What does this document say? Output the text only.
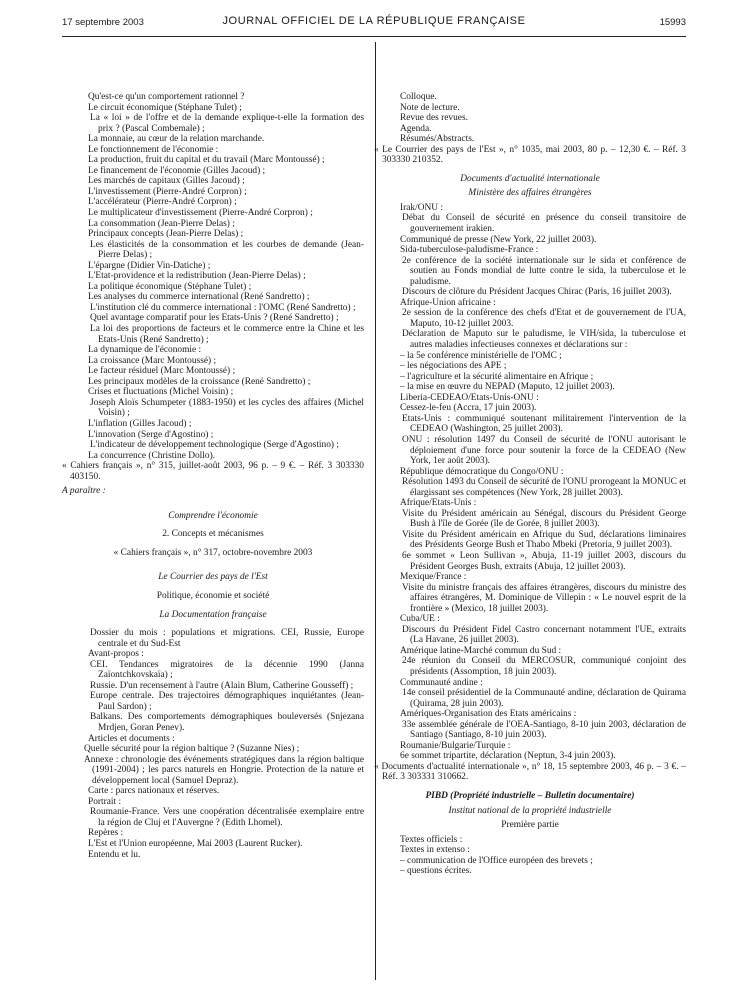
17 septembre 2003	JOURNAL OFFICIEL DE LA RÉPUBLIQUE FRANÇAISE	15993

Qu'est-ce qu'un comportement rationnel ?

Le circuit économique (Stéphane Tulet) ;

La « loi » de l'offre et de la demande explique-t-elle la formation des prix ? (Pascal Combemale) ;

La monnaie, au cœur de la relation marchande.

Le fonctionnement de l'économie :

La production, fruit du capital et du travail (Marc Montoussé) ;

Le financement de l'économie (Gilles Jacoud) ;

Les marchés de capitaux (Gilles Jacoud) ;

L'investissement (Pierre-André Corpron) ;

L'accélérateur (Pierre-André Corpron) ;

Le multiplicateur d'investissement (Pierre-André Corpron) ;

La consommation (Jean-Pierre Delas) ;

Principaux concepts (Jean-Pierre Delas) ;

Les élasticités de la consommation et les courbes de demande (Jean-Pierre Delas) ;

L'épargne (Didier Vin-Datiche) ;

L'Etat-providence et la redistribution (Jean-Pierre Delas) ;

La politique économique (Stéphane Tulet) ;

Les analyses du commerce international (René Sandretto) ;

L'institution clé du commerce international : l'OMC (René Sandretto) ;

Quel avantage comparatif pour les Etats-Unis ? (René Sandretto) ;

La loi des proportions de facteurs et le commerce entre la Chine et les Etats-Unis (René Sandretto) ;

La dynamique de l'économie :

La croissance (Marc Montoussé) ;

Le facteur résiduel (Marc Montoussé) ;

Les principaux modèles de la croissance (René Sandretto) ;

Crises et fluctuations (Michel Voisin) ;

Joseph Aloïs Schumpeter (1883-1950) et les cycles des affaires (Michel Voisin) ;

L'inflation (Gilles Jacoud) ;

L'innovation (Serge d'Agostino) ;

L'indicateur de développement technologique (Serge d'Agostino) ;

La concurrence (Christine Dollo).

« Cahiers français », n° 315, juillet-août 2003, 96 p. – 9 €. – Réf. 3 303330 403150.

A paraître :

Comprendre l'économie

2. Concepts et mécanismes

« Cahiers français », n° 317, octobre-novembre 2003

Le Courrier des pays de l'Est

Politique, économie et société

La Documentation française

Dossier du mois : populations et migrations. CEI, Russie, Europe centrale et du Sud-Est

Avant-propos :

CEI. Tendances migratoires de la décennie 1990 (Janna Zaïontchkovskaïa) ;

Russie. D'un recensement à l'autre (Alain Blum, Catherine Gousseff) ;

Europe centrale. Des trajectoires démographiques inquiétantes (Jean-Paul Sardon) ;

Balkans. Des comportements démographiques bouleversés (Snjezana Mrdjen, Goran Penev).

Articles et documents :

Quelle sécurité pour la région baltique ? (Suzanne Nies) ;

Annexe : chronologie des événements stratégiques dans la région baltique (1991-2004) ; les parcs naturels en Hongrie. Protection de la nature et développement local (Samuel Depraz).

Carte : parcs nationaux et réserves.

Portrait :

Roumanie-France. Vers une coopération décentralisée exemplaire entre la région de Cluj et l'Auvergne ? (Edith Lhomel).

Repères :

L'Est et l'Union européenne, Mai 2003 (Laurent Rucker).

Entendu et lu.

Colloque.

Note de lecture.

Revue des revues.

Agenda.

Résumés/Abstracts.

« Le Courrier des pays de l'Est », n° 1035, mai 2003, 80 p. – 12,30 €. – Réf. 3 303330 210352.

Documents d'actualité internationale

Ministère des affaires étrangères

Irak/ONU :

Débat du Conseil de sécurité en présence du conseil transitoire de gouvernement irakien.

Communiqué de presse (New York, 22 juillet 2003).

Sida-tuberculose-paludisme-France :

2e conférence de la société internationale sur le sida et conférence de soutien au Fonds mondial de lutte contre le sida, la tuberculose et le paludisme.

Discours de clôture du Président Jacques Chirac (Paris, 16 juillet 2003).

Afrique-Union africaine :

2e session de la conférence des chefs d'Etat et de gouvernement de l'UA, Maputo, 10-12 juillet 2003.

Déclaration de Maputo sur le paludisme, le VIH/sida, la tuberculose et autres maladies infectieuses connexes et déclarations sur :

– la 5e conférence ministérielle de l'OMC ;

– les négociations des APE ;

– l'agriculture et la sécurité alimentaire en Afrique ;

– la mise en œuvre du NEPAD (Maputo, 12 juillet 2003).

Liberia-CEDEAO/Etats-Unis-ONU :

Cessez-le-feu (Accra, 17 juin 2003).

Etats-Unis : communiqué soutenant militairement l'intervention de la CEDEAO (Washington, 25 juillet 2003).

ONU : résolution 1497 du Conseil de sécurité de l'ONU autorisant le déploiement d'une force pour soutenir la force de la CEDEAO (New York, 1er août 2003).

République démocratique du Congo/ONU :

Résolution 1493 du Conseil de sécurité de l'ONU prorogeant la MONUC et élargissant ses compétences (New York, 28 juillet 2003).

Afrique/Etats-Unis :

Visite du Président américain au Sénégal, discours du Président George Bush à l'île de Gorée (île de Gorée, 8 juillet 2003).

Visite du Président américain en Afrique du Sud, déclarations liminaires des Présidents George Bush et Thabo Mbeki (Pretoria, 9 juillet 2003).

6e sommet « Leon Sullivan », Abuja, 11-19 juillet 2003, discours du Président Georges Bush, extraits (Abuja, 12 juillet 2003).

Mexique/France :

Visite du ministre français des affaires étrangères, discours du ministre des affaires étrangères, M. Dominique de Villepin : « Le nouvel esprit de la frontière » (Mexico, 18 juillet 2003).

Cuba/UE :

Discours du Président Fidel Castro concernant notamment l'UE, extraits (La Havane, 26 juillet 2003).

Amérique latine-Marché commun du Sud :

24e réunion du Conseil du MERCOSUR, communiqué conjoint des présidents (Assomption, 18 juin 2003).

Communauté andine :

14e conseil présidentiel de la Communauté andine, déclaration de Quirama (Quirama, 28 juin 2003).

Amériques-Organisation des Etats américains :

33e assemblée générale de l'OEA-Santiago, 8-10 juin 2003, déclaration de Santiago (Santiago, 8-10 juin 2003).

Roumanie/Bulgarie/Turquie :

6e sommet tripartite, déclaration (Neptun, 3-4 juin 2003).

« Documents d'actualité internationale », n° 18, 15 septembre 2003, 46 p. – 3 €. – Réf. 3 303331 310662.

PIBD (Propriété industrielle – Bulletin documentaire)

Institut national de la propriété industrielle

Première partie

Textes officiels :

Textes in extenso :

– communication de l'Office européen des brevets ;

– questions écrites.
